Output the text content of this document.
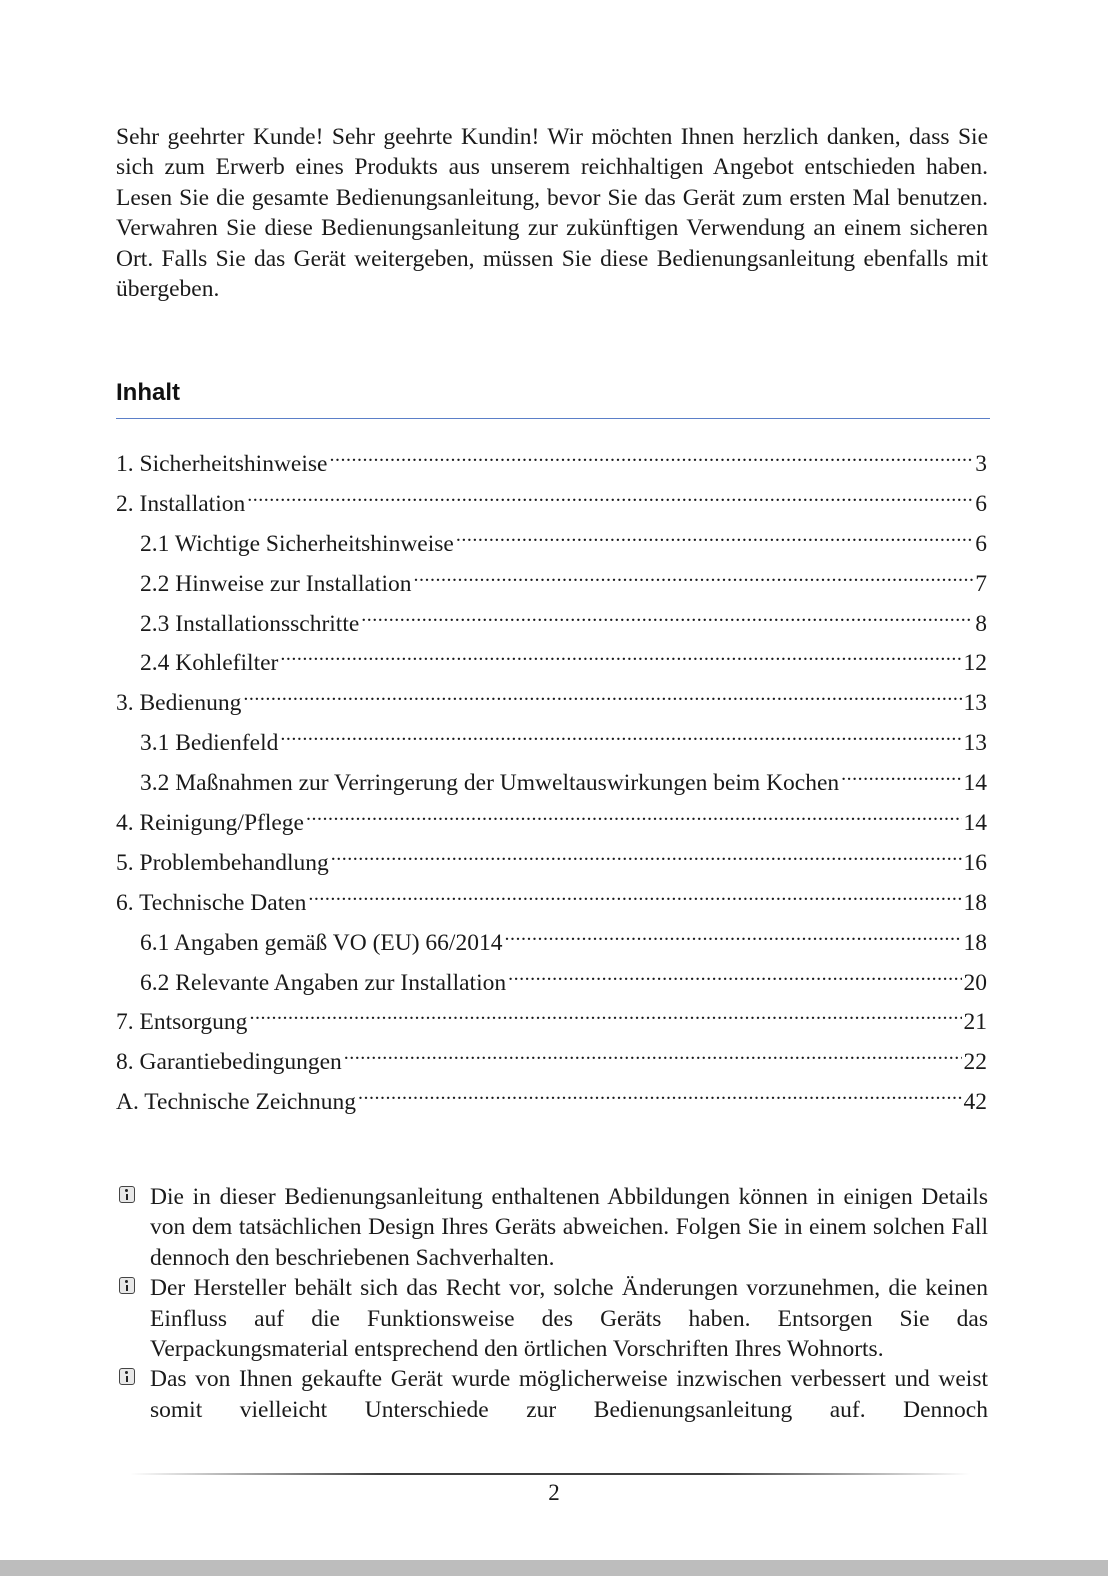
Sehr geehrter Kunde! Sehr geehrte Kundin! Wir möchten Ihnen herzlich danken, dass Sie sich zum Erwerb eines Produkts aus unserem reichhaltigen Angebot entschieden haben. Lesen Sie die gesamte Bedienungsanleitung, bevor Sie das Gerät zum ersten Mal benutzen. Verwahren Sie diese Bedienungsanleitung zur zukünftigen Verwendung an einem sicheren Ort. Falls Sie das Gerät weitergeben, müssen Sie diese Bedienungsanleitung ebenfalls mit übergeben.

Inhalt
1. Sicherheitshinweise .....	3
2. Installation .....	6
2.1 Wichtige Sicherheitshinweise .....	6
2.2 Hinweise zur Installation .....	7
2.3 Installationsschritte .....	8
2.4 Kohlefilter .....	12
3. Bedienung .....	13
3.1 Bedienfeld .....	13
3.2 Maßnahmen zur Verringerung der Umweltauswirkungen beim Kochen .....	14
4. Reinigung/Pflege .....	14
5. Problembehandlung .....	16
6. Technische Daten .....	18
6.1 Angaben gemäß VO (EU) 66/2014 .....	18
6.2 Relevante Angaben zur Installation .....	20
7. Entsorgung .....	21
8. Garantiebedingungen .....	22
A. Technische Zeichnung .....	42
Die in dieser Bedienungsanleitung enthaltenen Abbildungen können in einigen Details von dem tatsächlichen Design Ihres Geräts abweichen. Folgen Sie in einem solchen Fall dennoch den beschriebenen Sachverhalten.
Der Hersteller behält sich das Recht vor, solche Änderungen vorzunehmen, die keinen Einfluss auf die Funktionsweise des Geräts haben. Entsorgen Sie das Verpackungsmaterial entsprechend den örtlichen Vorschriften Ihres Wohnorts.
Das von Ihnen gekaufte Gerät wurde möglicherweise inzwischen verbessert und weist somit vielleicht Unterschiede zur Bedienungsanleitung auf. Dennoch
2
